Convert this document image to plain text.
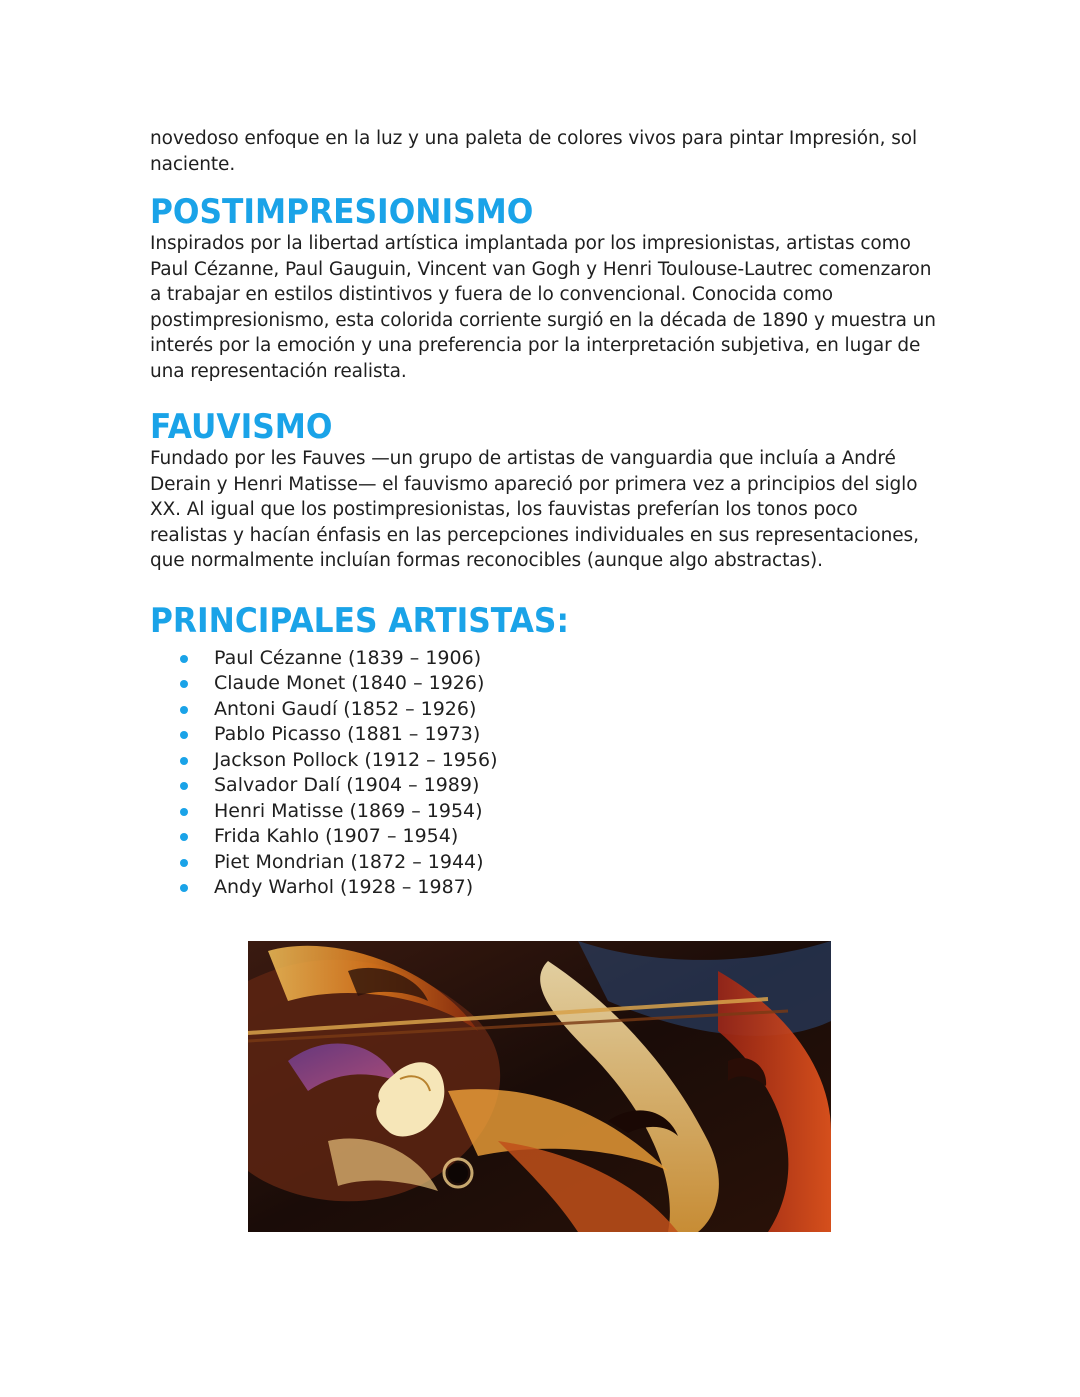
novedoso enfoque en la luz y una paleta de colores vivos para pintar Impresión, sol naciente.

POSTIMPRESIONISMO

Inspirados por la libertad artística implantada por los impresionistas, artistas como Paul Cézanne, Paul Gauguin, Vincent van Gogh y Henri Toulouse-Lautrec comenzaron a trabajar en estilos distintivos y fuera de lo convencional. Conocida como postimpresionismo, esta colorida corriente surgió en la década de 1890 y muestra un interés por la emoción y una preferencia por la interpretación subjetiva, en lugar de una representación realista.

FAUVISMO

Fundado por les Fauves —un grupo de artistas de vanguardia que incluía a André Derain y Henri Matisse— el fauvismo apareció por primera vez a principios del siglo XX. Al igual que los postimpresionistas, los fauvistas preferían los tonos poco realistas y hacían énfasis en las percepciones individuales en sus representaciones, que normalmente incluían formas reconocibles (aunque algo abstractas).

PRINCIPALES ARTISTAS:
Paul Cézanne (1839 – 1906)
Claude Monet (1840 – 1926)
Antoni Gaudí (1852 – 1926)
Pablo Picasso (1881 – 1973)
Jackson Pollock (1912 – 1956)
Salvador Dalí (1904 – 1989)
Henri Matisse (1869 – 1954)
Frida Kahlo (1907 – 1954)
Piet Mondrian (1872 – 1944)
Andy Warhol (1928 – 1987)
